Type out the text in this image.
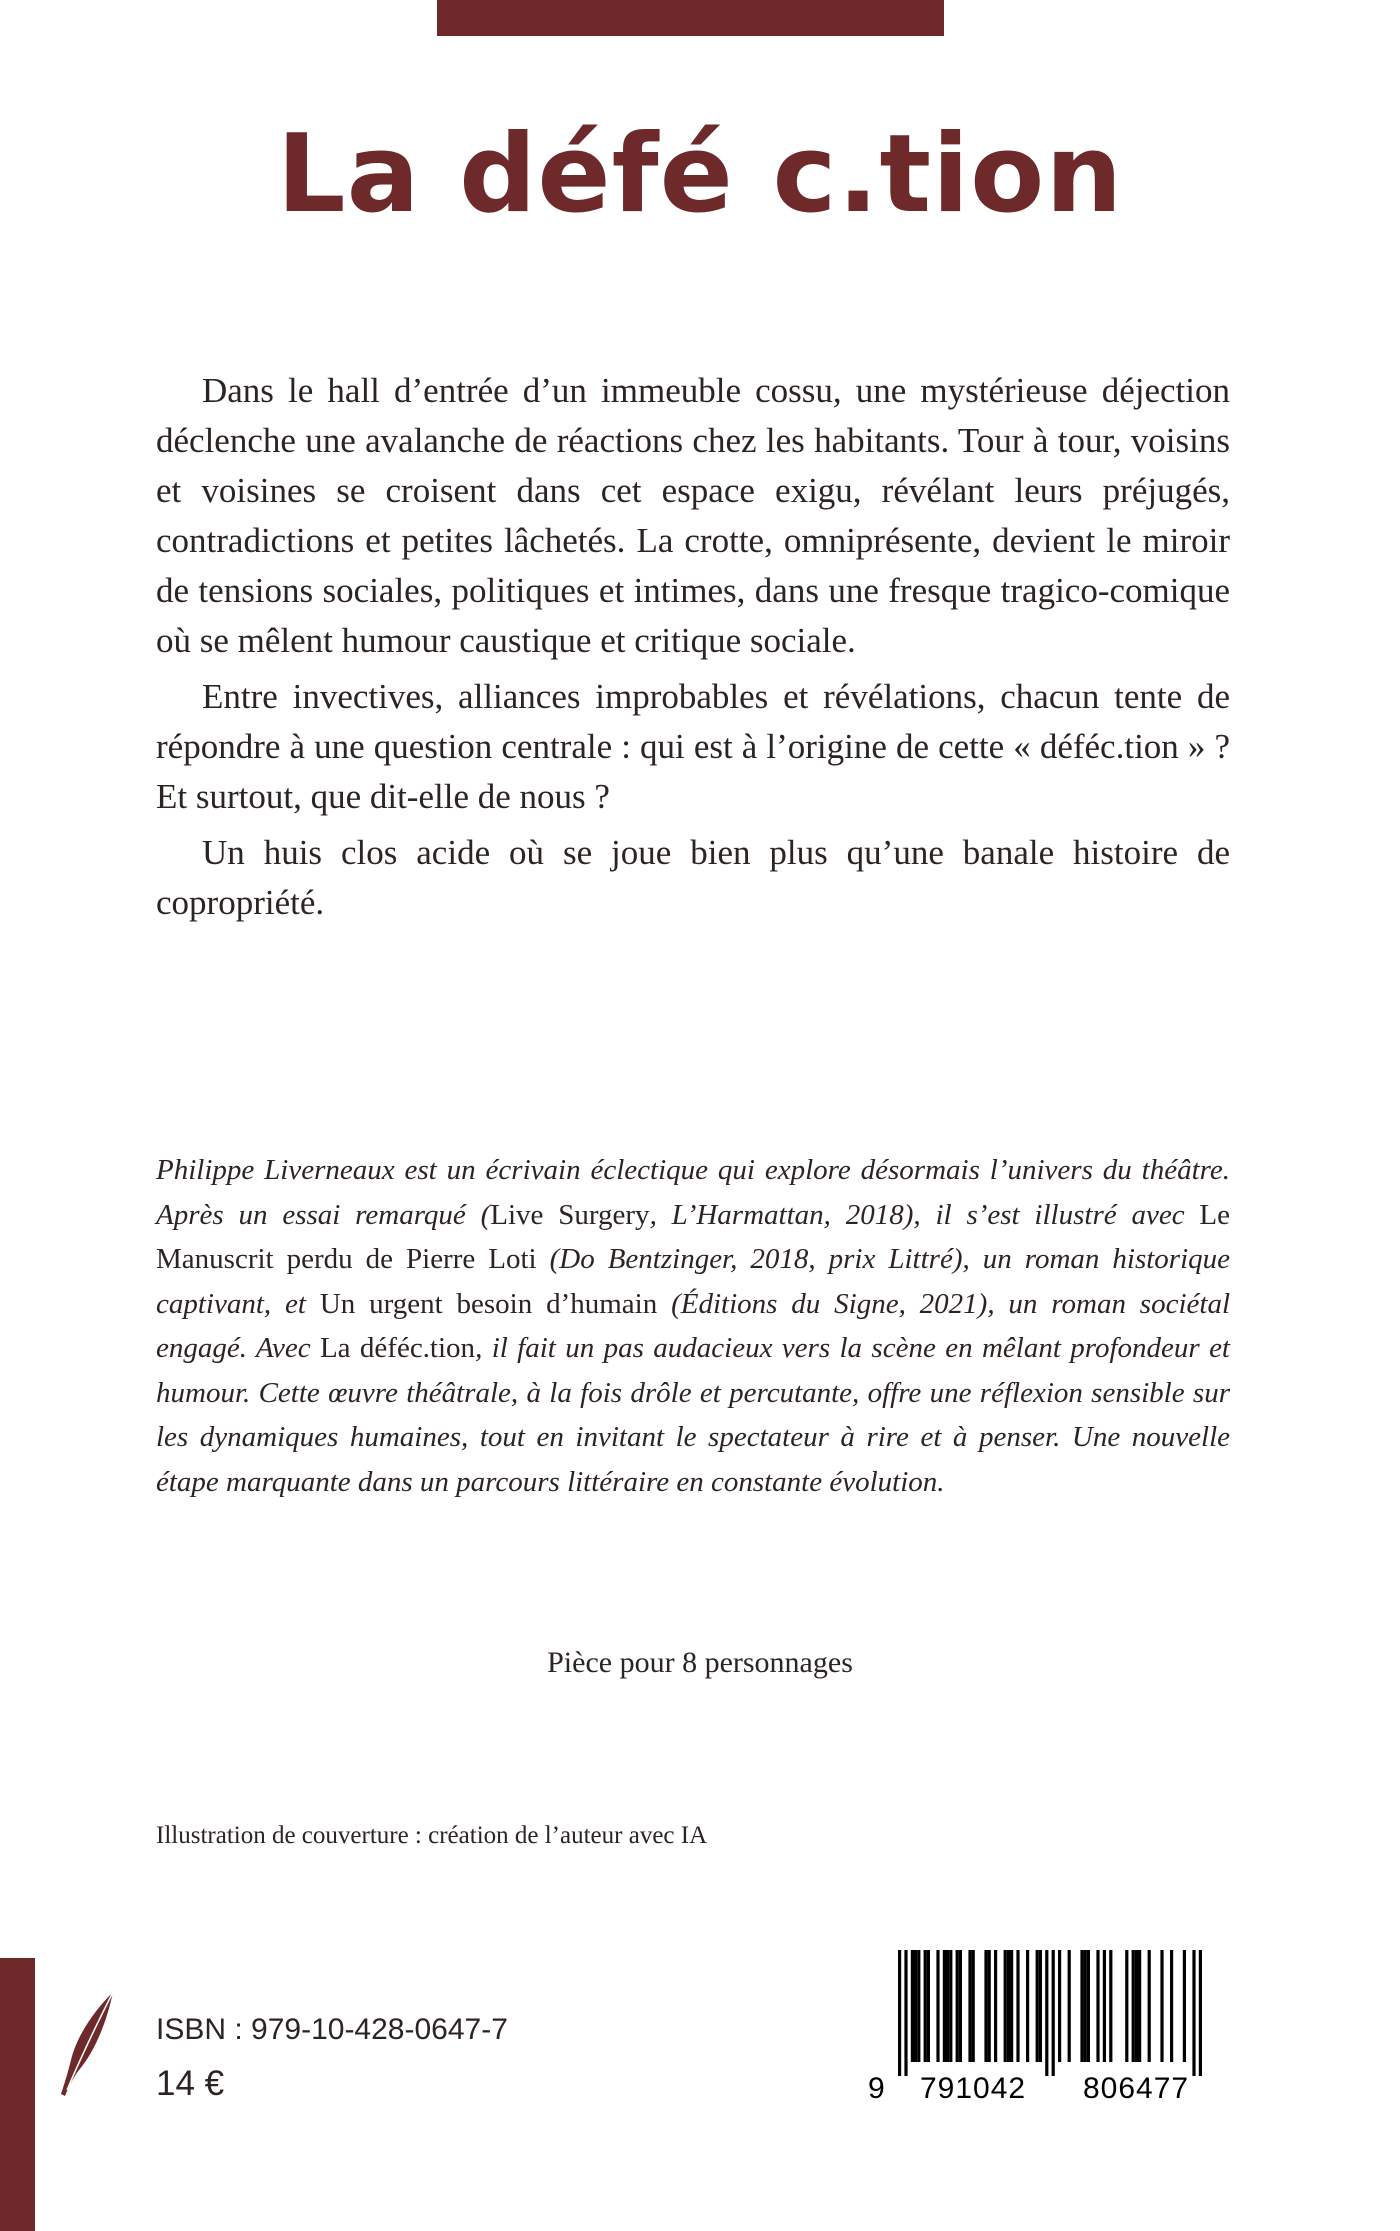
La défé c.tion

Dans le hall d’entrée d’un immeuble cossu, une mystérieuse déjection déclenche une avalanche de réactions chez les habitants. Tour à tour, voisins et voisines se croisent dans cet espace exigu, révélant leurs préjugés, contradictions et petites lâchetés. La crotte, omniprésente, devient le miroir de tensions sociales, politiques et intimes, dans une fresque tragico-comique où se mêlent humour caustique et critique sociale.

Entre invectives, alliances improbables et révélations, chacun tente de répondre à une question centrale : qui est à l’origine de cette « déféc.tion » ? Et surtout, que dit-elle de nous ?

Un huis clos acide où se joue bien plus qu’une banale histoire de copropriété.

Philippe Liverneaux est un écrivain éclectique qui explore désormais l’univers du théâtre. Après un essai remarqué (Live Surgery, L’Harmattan, 2018), il s’est illustré avec Le Manuscrit perdu de Pierre Loti (Do Bentzinger, 2018, prix Littré), un roman historique captivant, et Un urgent besoin d’humain (Éditions du Signe, 2021), un roman sociétal engagé. Avec La déféc.tion, il fait un pas audacieux vers la scène en mêlant profondeur et humour. Cette œuvre théâtrale, à la fois drôle et percutante, offre une réflexion sensible sur les dynamiques humaines, tout en invitant le spectateur à rire et à penser. Une nouvelle étape marquante dans un parcours littéraire en constante évolution.

Pièce pour 8 personnages
Illustration de couverture : création de l’auteur avec IA
ISBN : 979-10-428-0647-7
14 €	9 791042 806477
